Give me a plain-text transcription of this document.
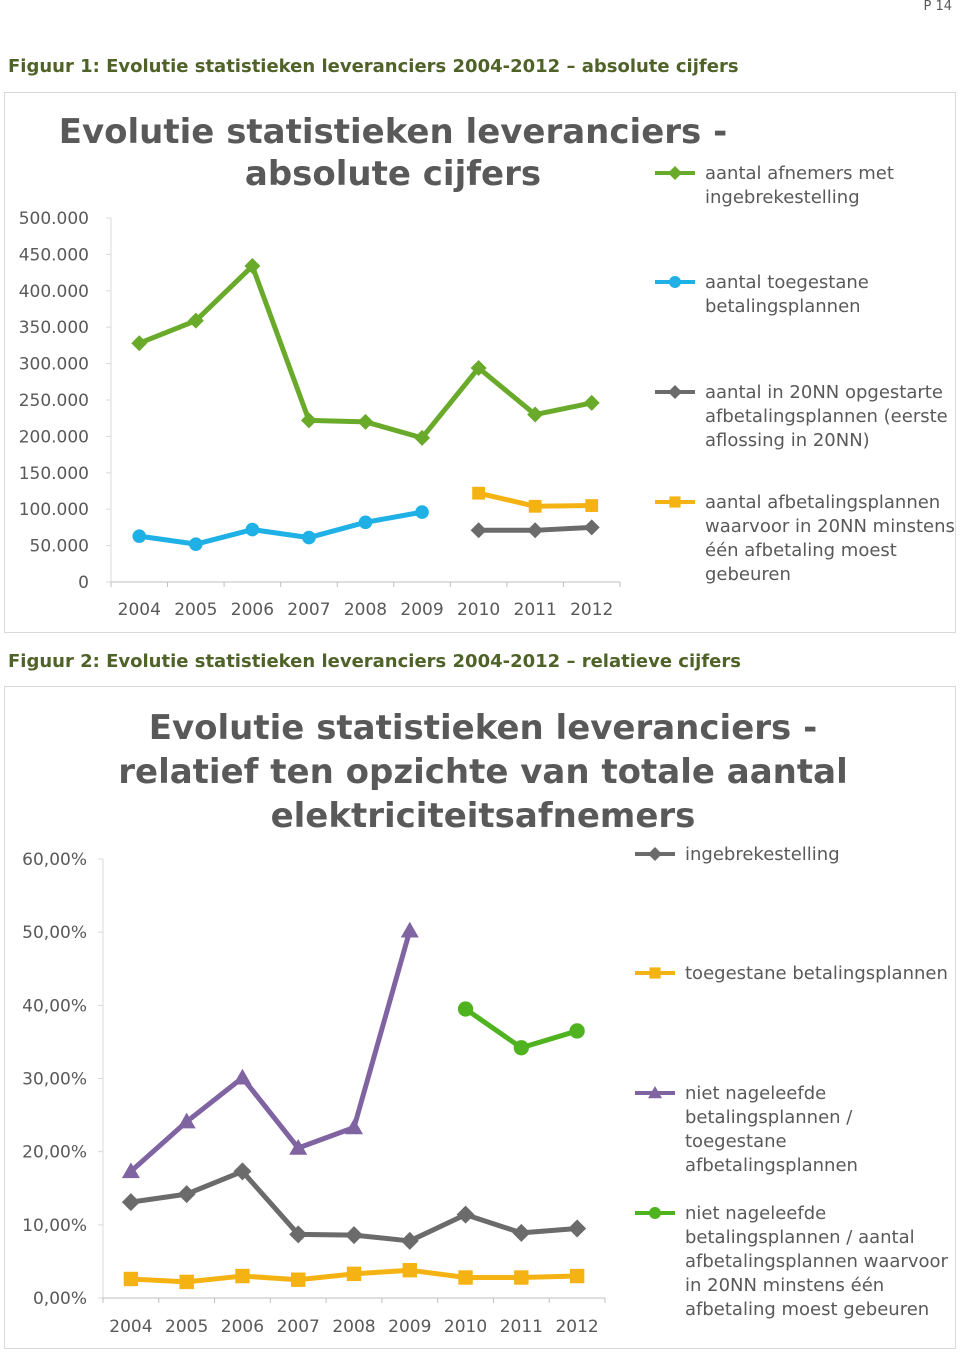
P 14
Figuur 1: Evolutie statistieken leveranciers 2004-2012 – absolute cijfers
Evolutie statistieken leveranciers -
absolute cijfers
0
50.000
100.000
150.000
200.000
250.000
300.000
350.000
400.000
450.000
500.000
2004 2005 2006 2007 2008 2009 2010 2011 2012
aantal afnemers met
ingebrekestelling
aantal toegestane
betalingsplannen
aantal in 20NN opgestarte
afbetalingsplannen (eerste
aflossing in 20NN)
aantal afbetalingsplannen
waarvoor in 20NN minstens
één afbetaling moest
gebeuren
Figuur 2: Evolutie statistieken leveranciers 2004-2012 – relatieve cijfers
Evolutie statistieken leveranciers -
relatief ten opzichte van totale aantal
elektriciteitsafnemers
0,00%
10,00%
20,00%
30,00%
40,00%
50,00%
60,00%
2004 2005 2006 2007 2008 2009 2010 2011 2012
ingebrekestelling
toegestane betalingsplannen
niet nageleefde
betalingsplannen /
toegestane
afbetalingsplannen
niet nageleefde
betalingsplannen / aantal
afbetalingsplannen waarvoor
in 20NN minstens één
afbetaling moest gebeuren
